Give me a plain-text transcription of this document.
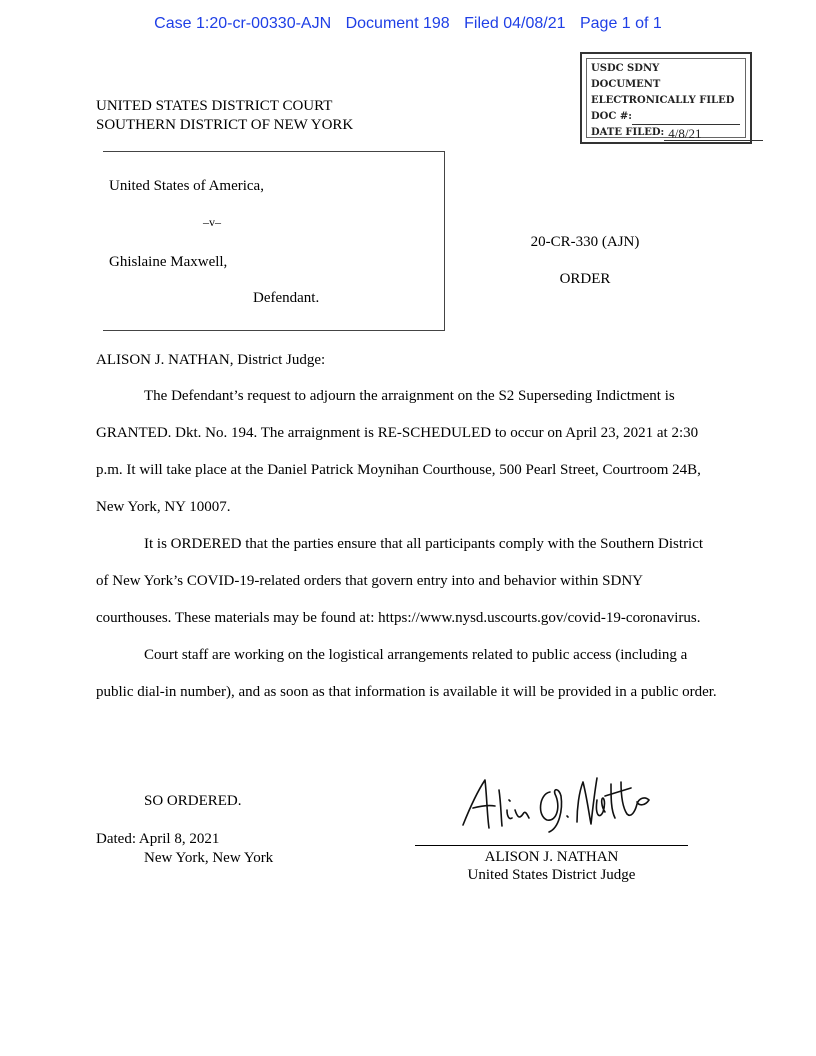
Case 1:20-cr-00330-AJN Document 198 Filed 04/08/21 Page 1 of 1
USDC SDNY
DOCUMENT
ELECTRONICALLY FILED
DOC #:
DATE FILED: 4/8/21
UNITED STATES DISTRICT COURT
SOUTHERN DISTRICT OF NEW YORK
United States of America,
–v–
Ghislaine Maxwell,
Defendant.
20-CR-330 (AJN)
ORDER
ALISON J. NATHAN, District Judge:

The Defendant’s request to adjourn the arraignment on the S2 Superseding Indictment is GRANTED. Dkt. No. 194. The arraignment is RE-SCHEDULED to occur on April 23, 2021 at 2:30 p.m. It will take place at the Daniel Patrick Moynihan Courthouse, 500 Pearl Street, Courtroom 24B, New York, NY 10007.

It is ORDERED that the parties ensure that all participants comply with the Southern District of New York’s COVID-19-related orders that govern entry into and behavior within SDNY courthouses. These materials may be found at: https://www.nysd.uscourts.gov/covid-19-coronavirus.

Court staff are working on the logistical arrangements related to public access (including a public dial-in number), and as soon as that information is available it will be provided in a public order.

SO ORDERED.
Dated: April 8, 2021
New York, New York	ALISON J. NATHAN
United States District Judge
